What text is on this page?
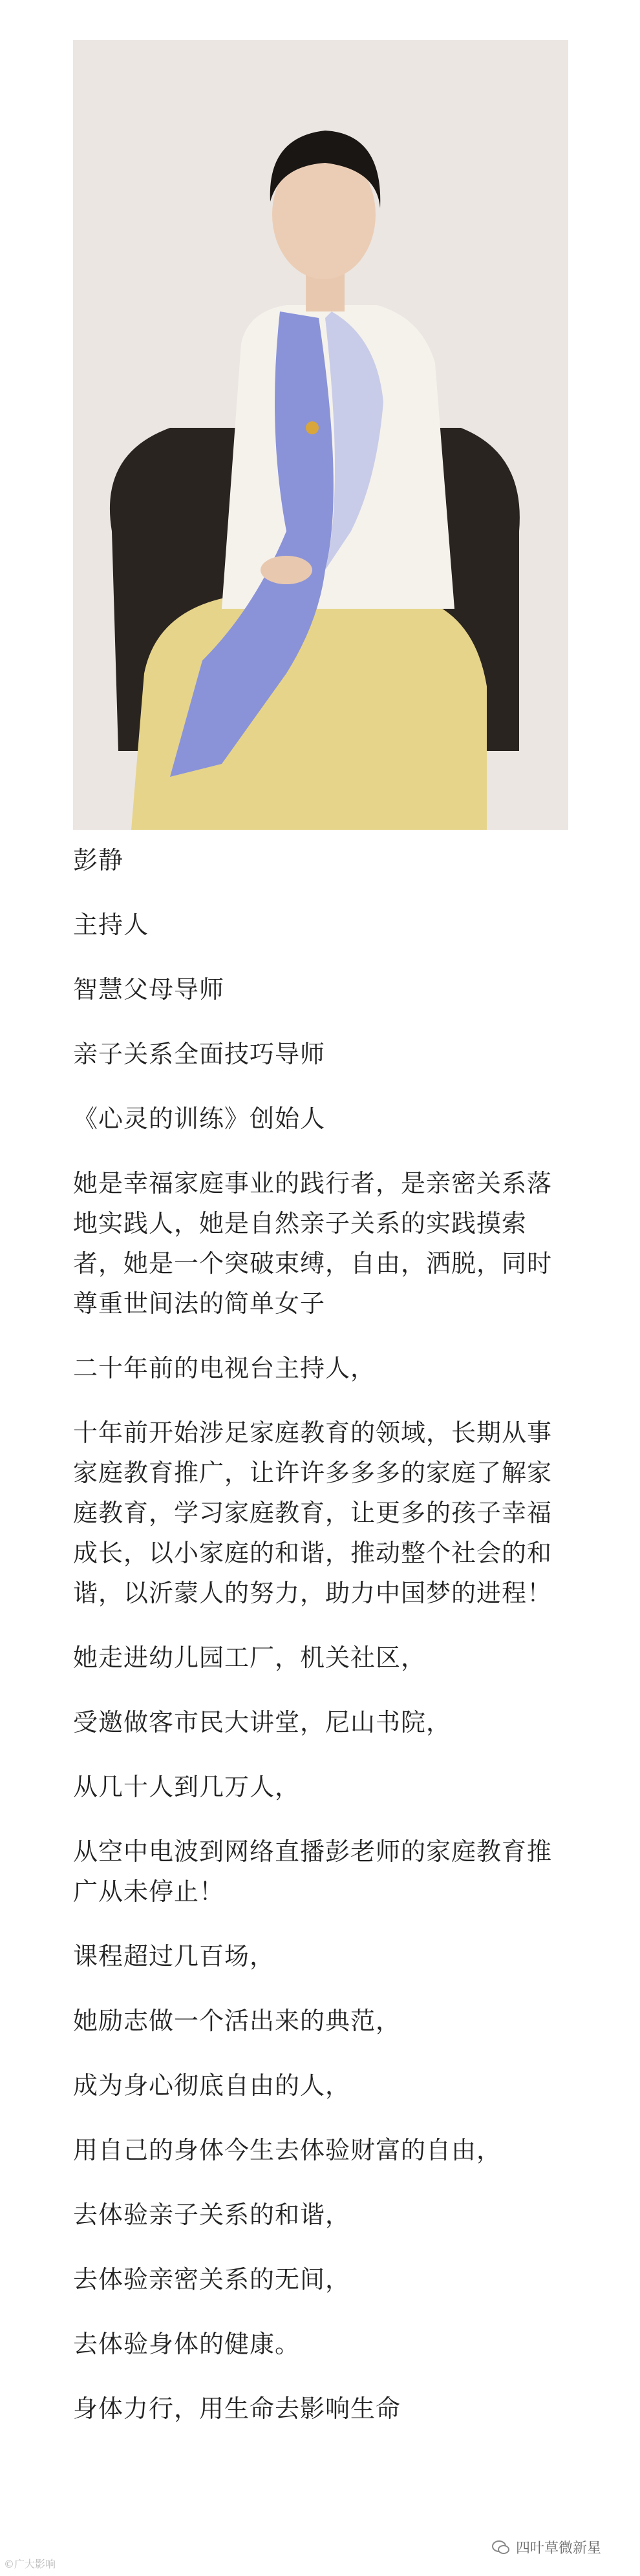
彭静

主持人

智慧父母导师

亲子关系全面技巧导师

《心灵的训练》创始人

她是幸福家庭事业的践行者，是亲密关系落地实践人，她是自然亲子关系的实践摸索者，她是一个突破束缚，自由，洒脱，同时尊重世间法的简单女子

二十年前的电视台主持人，

十年前开始涉足家庭教育的领域，长期从事家庭教育推广，让许许多多多的家庭了解家庭教育，学习家庭教育，让更多的孩子幸福成长，以小家庭的和谐，推动整个社会的和谐，以沂蒙人的努力，助力中国梦的进程！

她走进幼儿园工厂，机关社区，

受邀做客市民大讲堂，尼山书院，

从几十人到几万人，

从空中电波到网络直播彭老师的家庭教育推广从未停止！

课程超过几百场，

她励志做一个活出来的典范，

成为身心彻底自由的人，

用自己的身体今生去体验财富的自由，

去体验亲子关系的和谐，

去体验亲密关系的无间，

去体验身体的健康。

身体力行，用生命去影响生命

©广大影响
四叶草微新星
